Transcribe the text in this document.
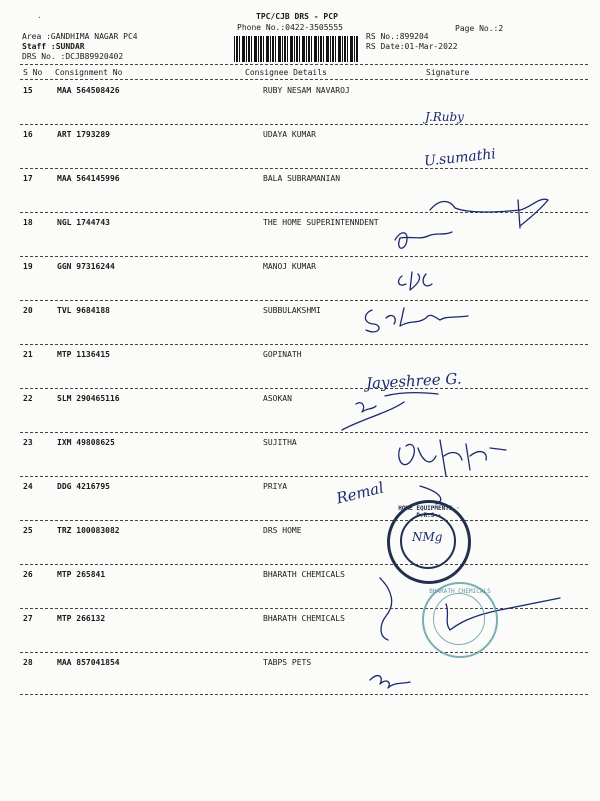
TPC/CJB DRS - PCP
Phone No.:0422-3505555	Page No.:2
Area :GANDHIMA NAGAR PC4
Staff :SUNDAR
DRS No. :DCJB89920402
RS No.:899204
RS Date:01-Mar-2022
·
S No Consignment No	Consignee Details	Signature
15	MAA 564508426	RUBY NESAM NAVAROJ
16	ART 1793289	UDAYA KUMAR
17	MAA 564145996	BALA SUBRAMANIAN
18	NGL 1744743	THE HOME SUPERINTENNDENT
19	GGN 97316244	MANOJ KUMAR
20	TVL 9684188	SUBBULAKSHMI
21	MTP 1136415	GOPINATH
22	SLM 290465116	ASOKAN
23	IXM 49808625	SUJITHA
24	DDG 4216795	PRIYA
25	TRZ 100083082	DRS HOME
26	MTP 265841	BHARATH CHEMICALS
27	MTP 266132	BHARATH CHEMICALS
28	MAA 857041854	TABPS PETS
J.Ruby
U.sumathi
Jayeshree G.
Remal
HOME EQUIPMENTS · D.R.S ·
NMg
BHARATH CHEMICALS
